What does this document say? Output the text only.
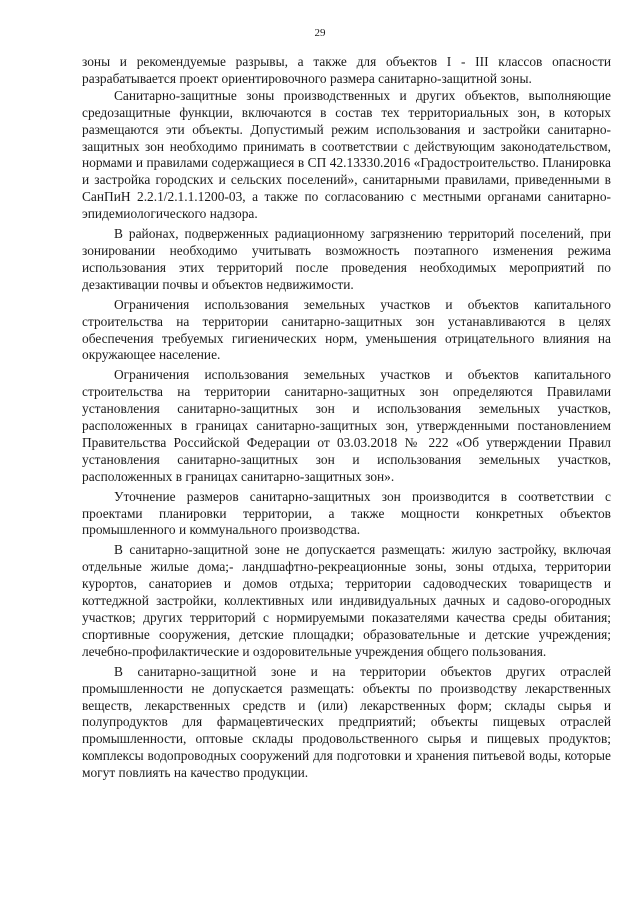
29

зоны и рекомендуемые разрывы, а также для объектов I - III классов опасности разрабатывается проект ориентировочного размера санитарно-защитной зоны.

Санитарно-защитные зоны производственных и других объектов, выполняющие средозащитные функции, включаются в состав тех территориальных зон, в которых размещаются эти объекты. Допустимый режим использования и застройки санитарно-защитных зон необходимо принимать в соответствии с действующим законодательством, нормами и правилами содержащиеся в СП 42.13330.2016 «Градостроительство. Планировка и застройка городских и сельских поселений», санитарными правилами, приведенными в СанПиН 2.2.1/2.1.1.1200-03, а также по согласованию с местными органами санитарно-эпидемиологического надзора.

В районах, подверженных радиационному загрязнению территорий поселений, при зонировании необходимо учитывать возможность поэтапного изменения режима использования этих территорий после проведения необходимых мероприятий по дезактивации почвы и объектов недвижимости.

Ограничения использования земельных участков и объектов капитального строительства на территории санитарно-защитных зон устанавливаются в целях обеспечения требуемых гигиенических норм, уменьшения отрицательного влияния на окружающее население.

Ограничения использования земельных участков и объектов капитального строительства на территории санитарно-защитных зон определяются Правилами установления санитарно-защитных зон и использования земельных участков, расположенных в границах санитарно-защитных зон, утвержденными постановлением Правительства Российской Федерации от 03.03.2018 № 222 «Об утверждении Правил установления санитарно-защитных зон и использования земельных участков, расположенных в границах санитарно-защитных зон».

Уточнение размеров санитарно-защитных зон производится в соответствии с проектами планировки территории, а также мощности конкретных объектов промышленного и коммунального производства.

В санитарно-защитной зоне не допускается размещать: жилую застройку, включая отдельные жилые дома;- ландшафтно-рекреационные зоны, зоны отдыха, территории курортов, санаториев и домов отдыха; территории садоводческих товариществ и коттеджной застройки, коллективных или индивидуальных дачных и садово-огородных участков; других территорий с нормируемыми показателями качества среды обитания; спортивные сооружения, детские площадки; образовательные и детские учреждения; лечебно-профилактические и оздоровительные учреждения общего пользования.

В санитарно-защитной зоне и на территории объектов других отраслей промышленности не допускается размещать: объекты по производству лекарственных веществ, лекарственных средств и (или) лекарственных форм; склады сырья и полупродуктов для фармацевтических предприятий; объекты пищевых отраслей промышленности, оптовые склады продовольственного сырья и пищевых продуктов; комплексы водопроводных сооружений для подготовки и хранения питьевой воды, которые могут повлиять на качество продукции.
